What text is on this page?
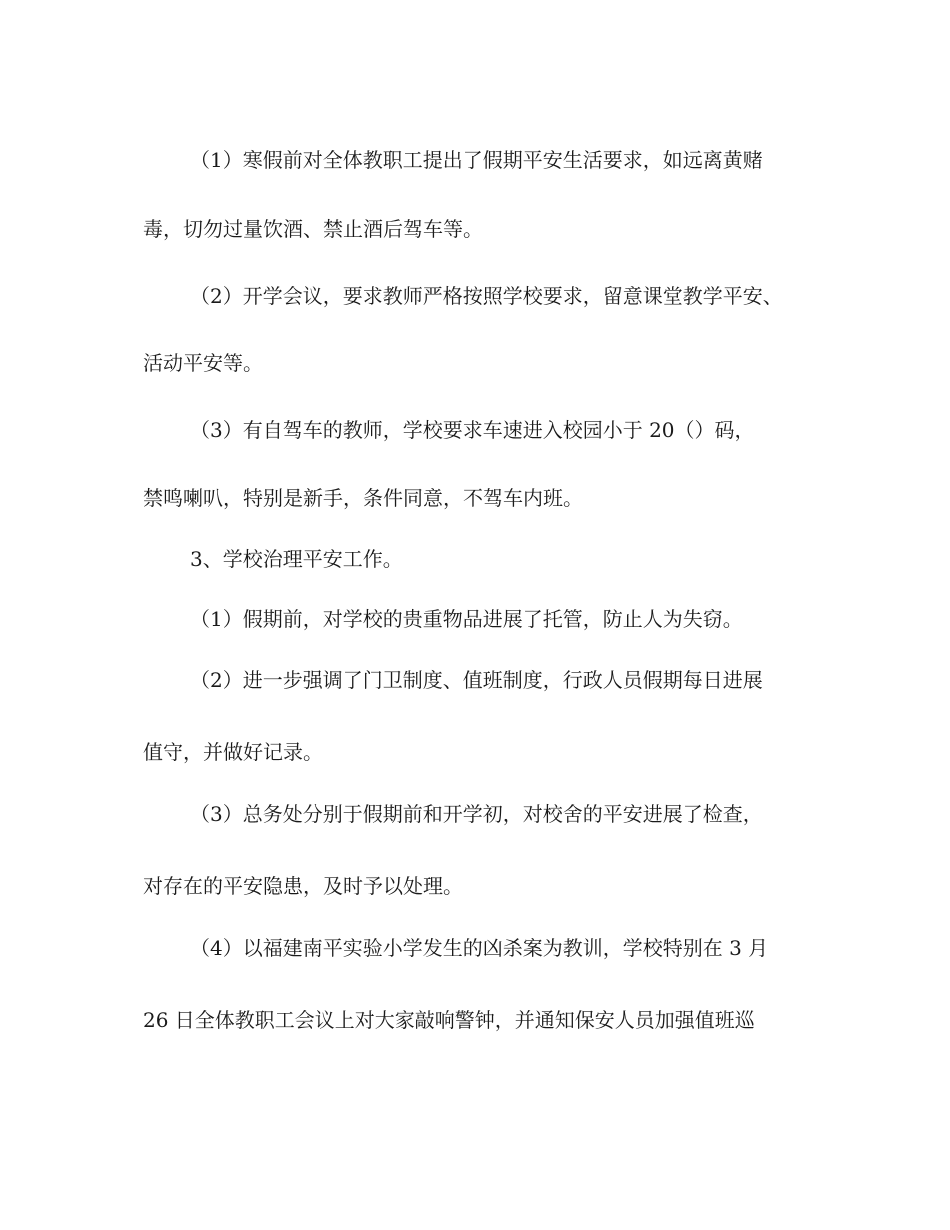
（1）寒假前对全体教职工提出了假期平安生活要求，如远离黄赌

毒，切勿过量饮酒、禁止酒后驾车等。

（2）开学会议，要求教师严格按照学校要求，留意课堂教学平安、

活动平安等。

（3）有自驾车的教师，学校要求车速进入校园小于 20（）码，

禁鸣喇叭，特别是新手，条件同意，不驾车内班。

3、学校治理平安工作。

（1）假期前，对学校的贵重物品进展了托管，防止人为失窃。

（2）进一步强调了门卫制度、值班制度，行政人员假期每日进展

值守，并做好记录。

（3）总务处分别于假期前和开学初，对校舍的平安进展了检查，

对存在的平安隐患，及时予以处理。

（4）以福建南平实验小学发生的凶杀案为教训，学校特别在 3 月

26 日全体教职工会议上对大家敲响警钟，并通知保安人员加强值班巡
